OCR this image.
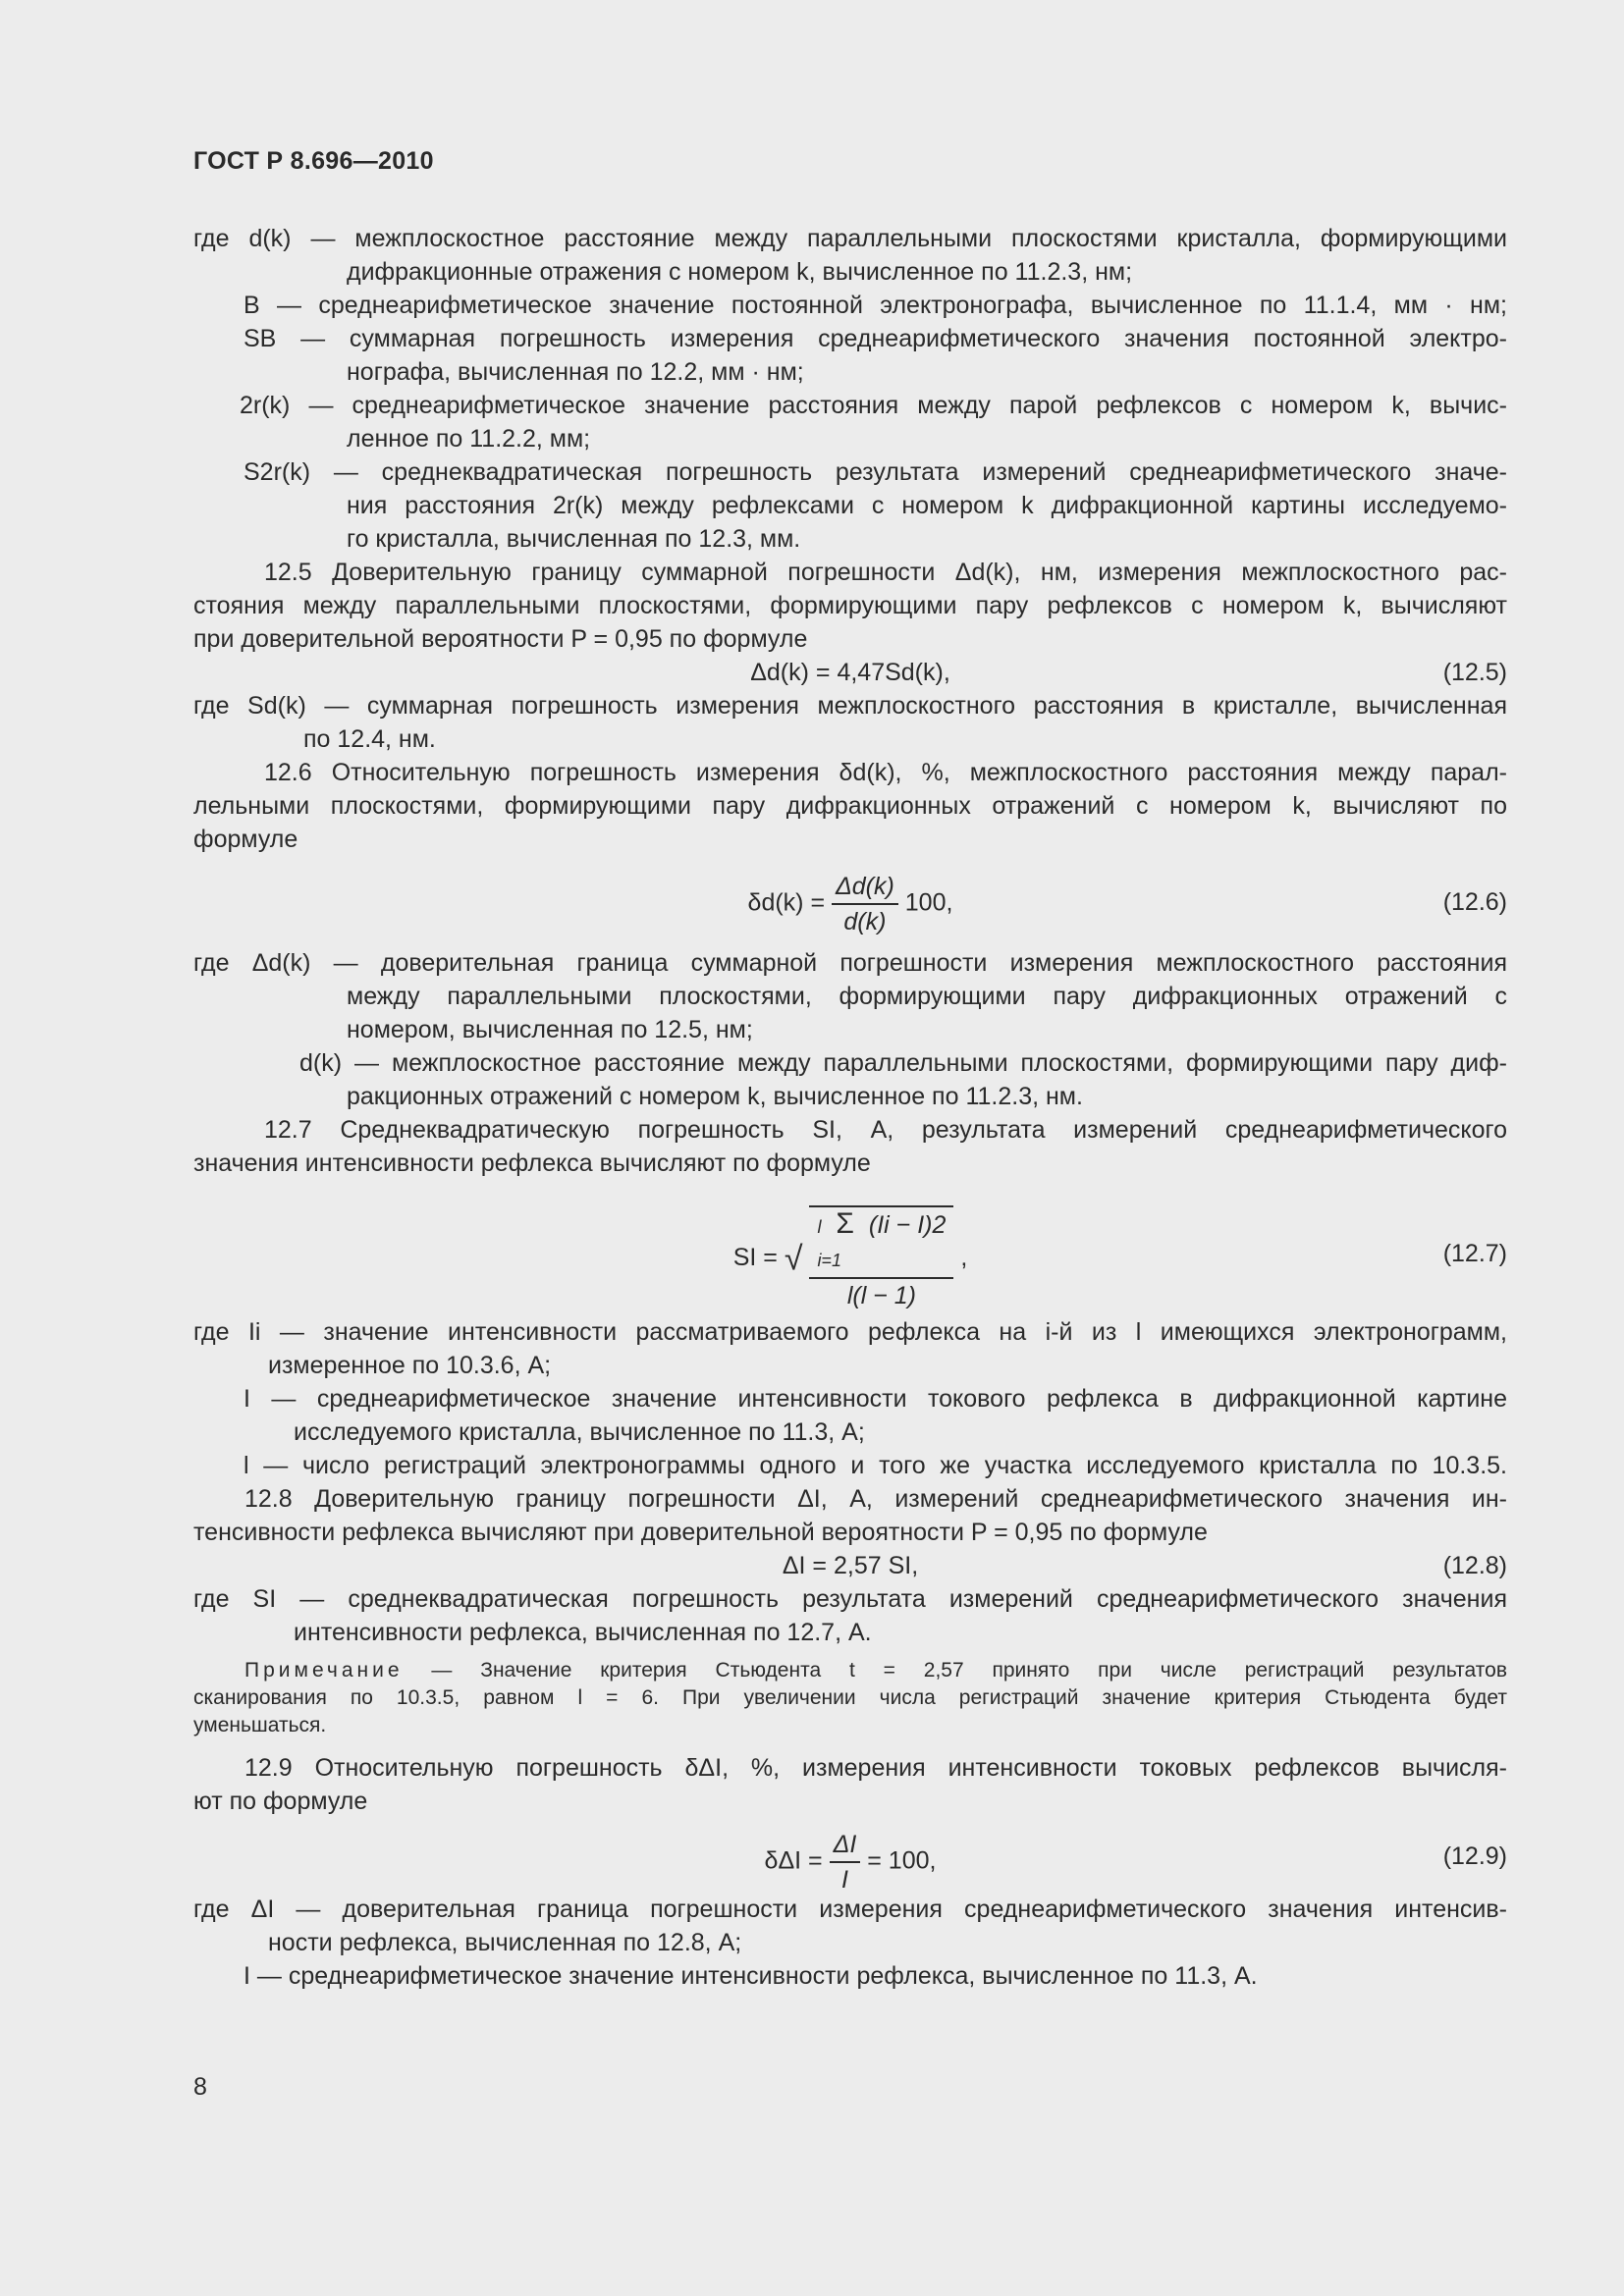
ГОСТ Р 8.696—2010
где d(k) — межплоскостное расстояние между параллельными плоскостями кристалла, формирующими
дифракционные отражения с номером k, вычисленное по 11.2.3, нм;
B — среднеарифметическое значение постоянной электронографа, вычисленное по 11.1.4, мм · нм;
SB — суммарная погрешность измерения среднеарифметического значения постоянной электро-
нографа, вычисленная по 12.2, мм · нм;
2r(k) — среднеарифметическое значение расстояния между парой рефлексов с номером k, вычис-
ленное по 11.2.2, мм;
S2r(k) — среднеквадратическая погрешность результата измерений среднеарифметического значе-
ния расстояния 2r(k) между рефлексами с номером k дифракционной картины исследуемо-
го кристалла, вычисленная по 12.3, мм.
12.5 Доверительную границу суммарной погрешности Δd(k), нм, измерения межплоскостного рас-
стояния между параллельными плоскостями, формирующими пару рефлексов с номером k, вычисляют
при доверительной вероятности P = 0,95 по формуле
Δd(k) = 4,47Sd(k),	(12.5)
где Sd(k) — суммарная погрешность измерения межплоскостного расстояния в кристалле, вычисленная
по 12.4, нм.
12.6 Относительную погрешность измерения δd(k), %, межплоскостного расстояния между парал-
лельными плоскостями, формирующими пару дифракционных отражений с номером k, вычисляют по
формуле
$\delta d(k) = \frac{\Delta d(k)}{d(k)} 100$,	(12.6)
где Δd(k) — доверительная граница суммарной погрешности измерения межплоскостного расстояния
между параллельными плоскостями, формирующими пару дифракционных отражений с
номером, вычисленная по 12.5, нм;
d(k) — межплоскостное расстояние между параллельными плоскостями, формирующими пару диф-
ракционных отражений с номером k, вычисленное по 11.2.3, нм.
12.7 Среднеквадратическую погрешность SI, А, результата измерений среднеарифметического
значения интенсивности рефлекса вычисляют по формуле
SI = √ l Σ (Ii − I)2
i=1
l(l − 1) ,	(12.7)
где Ii — значение интенсивности рассматриваемого рефлекса на i-й из l имеющихся электронограмм,
измеренное по 10.3.6, А;
I — среднеарифметическое значение интенсивности токового рефлекса в дифракционной картине
исследуемого кристалла, вычисленное по 11.3, А;
l — число регистраций электронограммы одного и того же участка исследуемого кристалла по 10.3.5.
12.8 Доверительную границу погрешности ΔI, А, измерений среднеарифметического значения ин-
тенсивности рефлекса вычисляют при доверительной вероятности P = 0,95 по формуле
ΔI = 2,57 SI,	(12.8)
где SI — среднеквадратическая погрешность результата измерений среднеарифметического значения
интенсивности рефлекса, вычисленная по 12.7, А.
Примечание — Значение критерия Стьюдента t = 2,57 принято при числе регистраций результатов
сканирования по 10.3.5, равном l = 6. При увеличении числа регистраций значение критерия Стьюдента будет
уменьшаться.
12.9 Относительную погрешность δΔI, %, измерения интенсивности токовых рефлексов вычисля-
ют по формуле
$\delta\Delta I = \frac{\Delta I}{I} = 100$,	(12.9)
где ΔI — доверительная граница погрешности измерения среднеарифметического значения интенсив-
ности рефлекса, вычисленная по 12.8, А;
I — среднеарифметическое значение интенсивности рефлекса, вычисленное по 11.3, А.
8
